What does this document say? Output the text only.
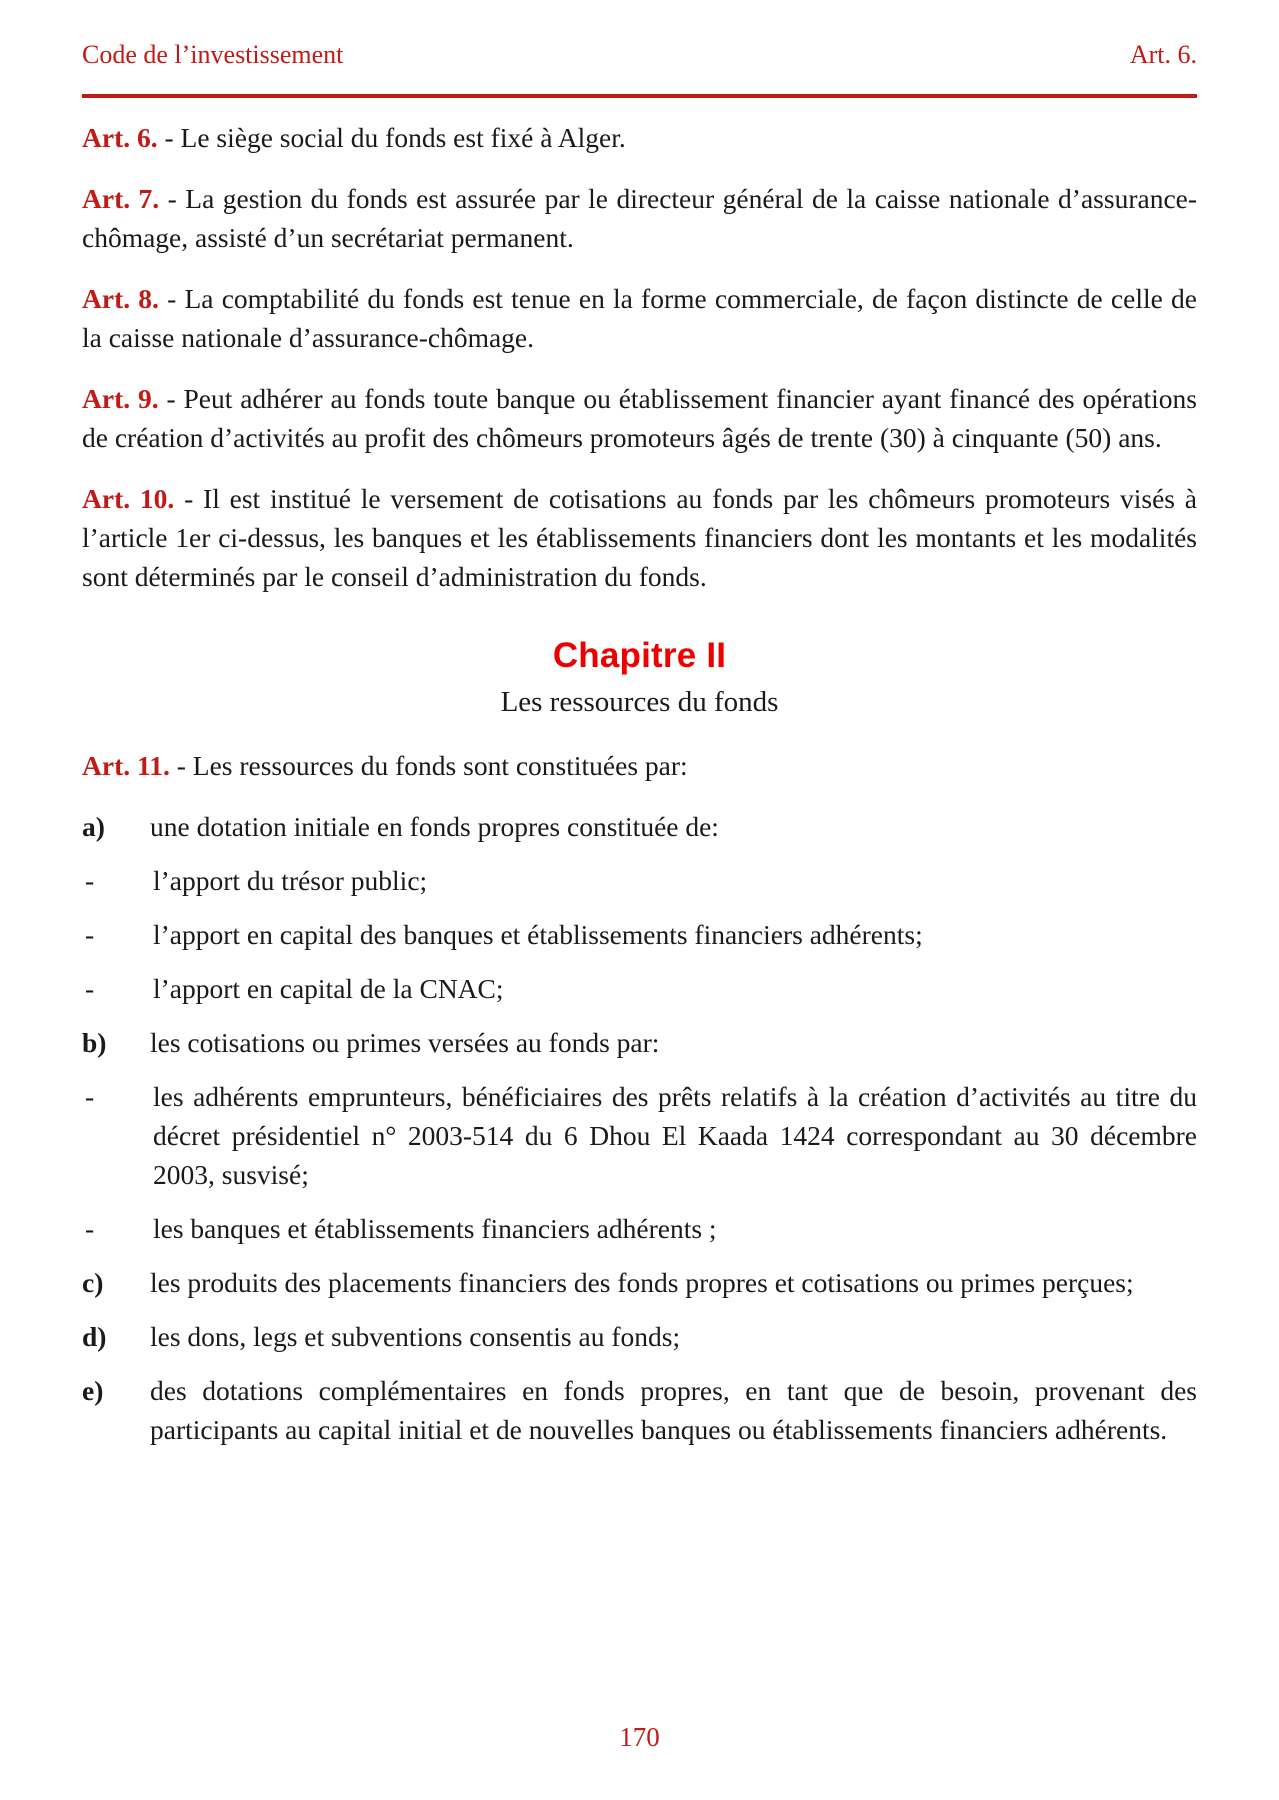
Code de l’investissement	Art. 6.

Art. 6. - Le siège social du fonds est fixé à Alger.

Art. 7. - La gestion du fonds est assurée par le directeur général de la caisse nationale d’assurance-chômage, assisté d’un secrétariat permanent.

Art. 8. - La comptabilité du fonds est tenue en la forme commerciale, de façon distincte de celle de la caisse nationale d’assurance-chômage.

Art. 9. - Peut adhérer au fonds toute banque ou établissement financier ayant financé des opérations de création d’activités au profit des chômeurs promoteurs âgés de trente (30) à cinquante (50) ans.

Art. 10. - Il est institué le versement de cotisations au fonds par les chômeurs promoteurs visés à l’article 1er ci-dessus, les banques et les établissements financiers dont les montants et les modalités sont déterminés par le conseil d’administration du fonds.

Chapitre II
Les ressources du fonds

Art. 11. - Les ressources du fonds sont constituées par:

a)	une dotation initiale en fonds propres constituée de:
-	l’apport du trésor public;
-	l’apport en capital des banques et établissements financiers adhérents;
-	l’apport en capital de la CNAC;
b)	les cotisations ou primes versées au fonds par:
-	les adhérents emprunteurs, bénéficiaires des prêts relatifs à la création d’activités au titre du décret présidentiel n° 2003-514 du 6 Dhou El Kaada 1424 correspondant au 30 décembre 2003, susvisé;
-	les banques et établissements financiers adhérents ;
c)	les produits des placements financiers des fonds propres et cotisations ou primes perçues;
d)	les dons, legs et subventions consentis au fonds;
e)	des dotations complémentaires en fonds propres, en tant que de besoin, provenant des participants au capital initial et de nouvelles banques ou établissements financiers adhérents.
170
